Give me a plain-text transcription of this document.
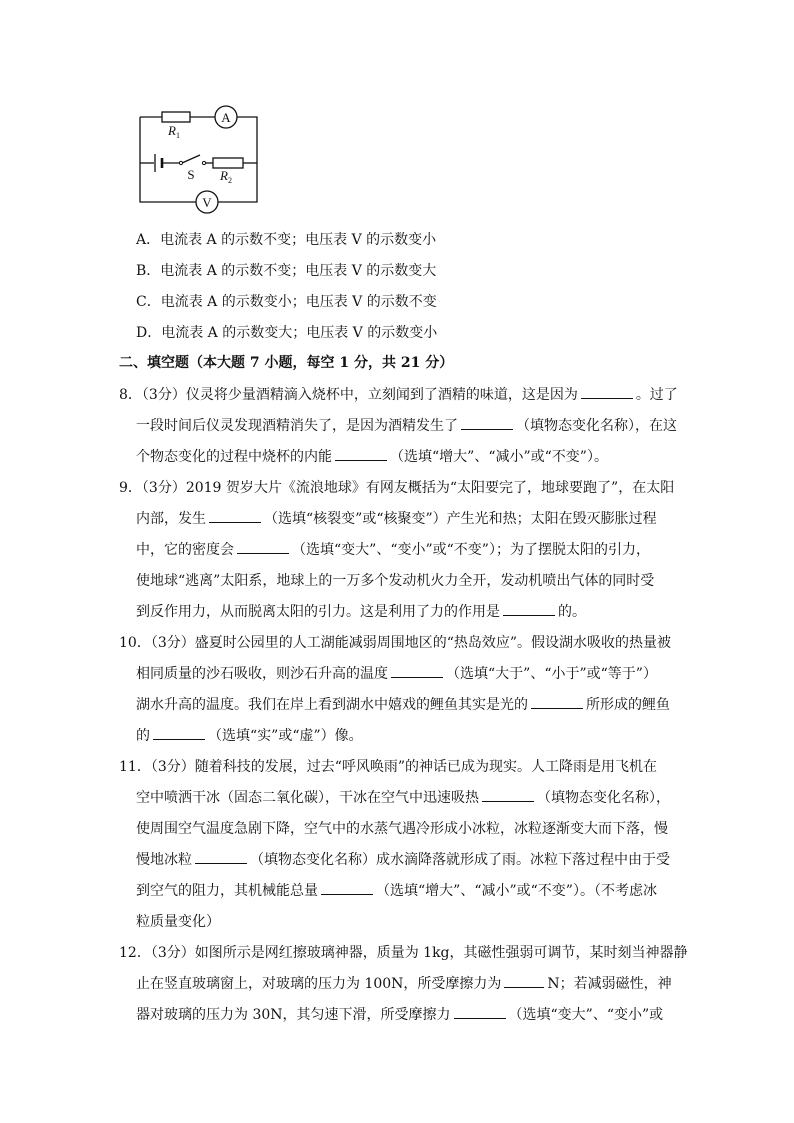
A
V
S
$R_1$
$R_2$
A．电流表 A 的示数不变；电压表 V 的示数变小
B．电流表 A 的示数不变；电压表 V 的示数变大
C．电流表 A 的示数变小；电压表 V 的示数不变
D．电流表 A 的示数变大；电压表 V 的示数变小
二、填空题（本大题 7 小题，每空 1 分，共 21 分）
8．（3分）仪灵将少量酒精滴入烧杯中，立刻闻到了酒精的味道，这是因为	。过了
一段时间后仪灵发现酒精消失了，是因为酒精发生了	（填物态变化名称），在这
个物态变化的过程中烧杯的内能	（选填“增大”、“减小”或“不变”）。
9．（3分）2019 贺岁大片《流浪地球》有网友概括为“太阳要完了，地球要跑了”，在太阳
内部，发生	（选填“核裂变”或“核聚变”）产生光和热；太阳在毁灭膨胀过程
中，它的密度会	（选填“变大”、“变小”或“不变”）；为了摆脱太阳的引力，
使地球“逃离”太阳系，地球上的一万多个发动机火力全开，发动机喷出气体的同时受
到反作用力，从而脱离太阳的引力。这是利用了力的作用是	的。
10．（3分）盛夏时公园里的人工湖能减弱周围地区的“热岛效应”。假设湖水吸收的热量被
相同质量的沙石吸收，则沙石升高的温度	（选填“大于”、“小于”或“等于”）
湖水升高的温度。我们在岸上看到湖水中嬉戏的鲤鱼其实是光的	所形成的鲤鱼
的	（选填“实”或“虚”）像。
11．（3分）随着科技的发展，过去“呼风唤雨”的神话已成为现实。人工降雨是用飞机在
空中喷洒干冰（固态二氧化碳），干冰在空气中迅速吸热	（填物态变化名称），
使周围空气温度急剧下降，空气中的水蒸气遇冷形成小冰粒，冰粒逐渐变大而下落，慢
慢地冰粒	（填物态变化名称）成水滴降落就形成了雨。冰粒下落过程中由于受
到空气的阻力，其机械能总量	（选填“增大”、“减小”或“不变”）。（不考虑冰
粒质量变化）
12．（3分）如图所示是网红擦玻璃神器，质量为 1kg，其磁性强弱可调节，某时刻当神器静
止在竖直玻璃窗上，对玻璃的压力为 100N，所受摩擦力为	N；若减弱磁性，神
器对玻璃的压力为 30N，其匀速下滑，所受摩擦力	（选填“变大”、“变小”或
